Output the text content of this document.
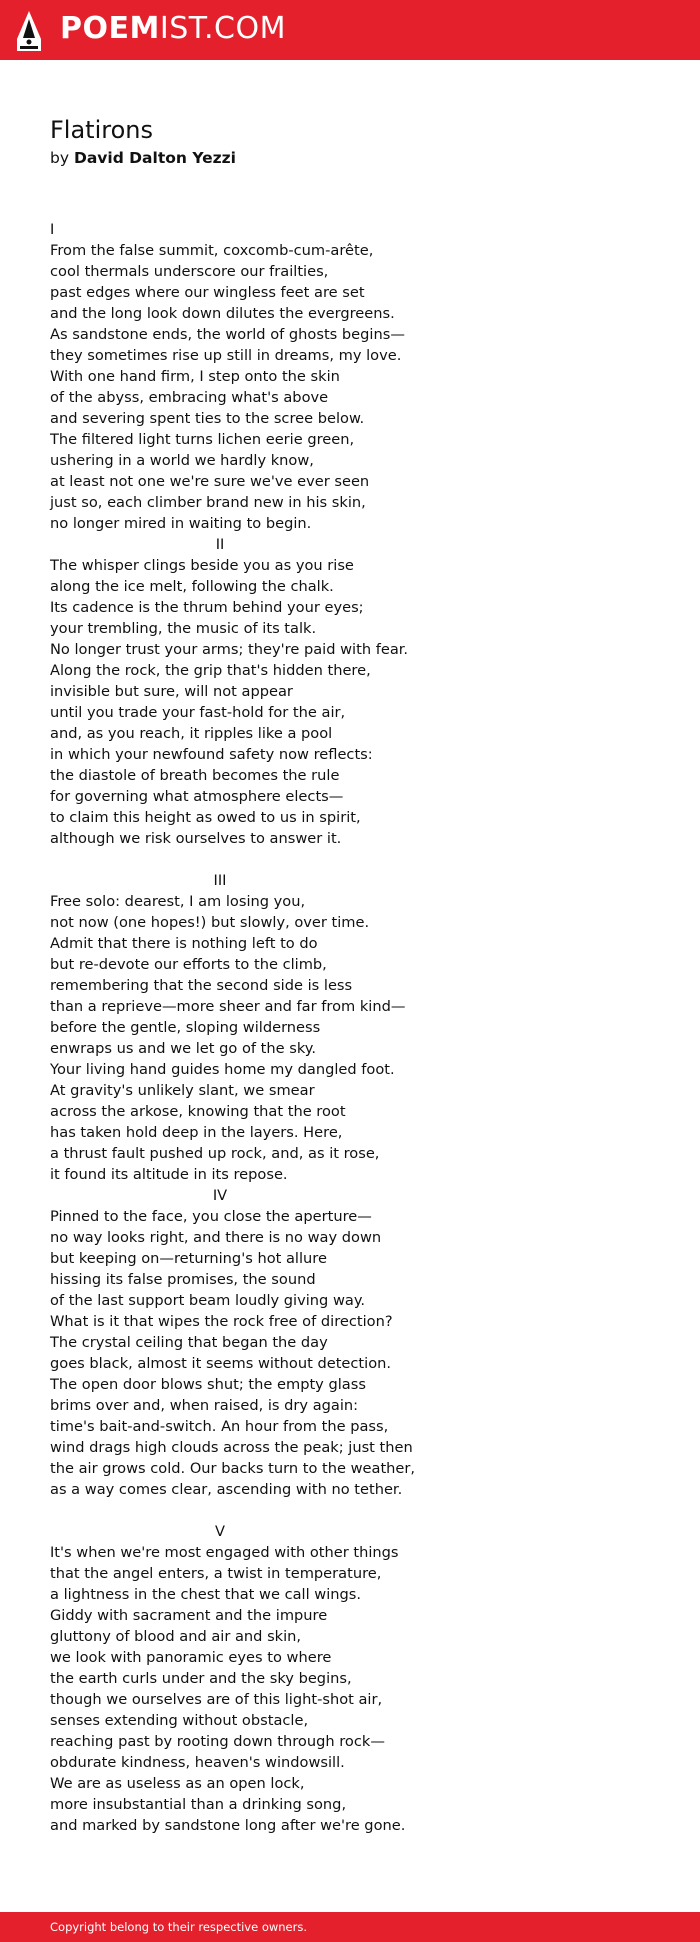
POEMIST.COM
Flatirons
by David Dalton Yezzi
I
From the false summit, coxcomb-cum-arête,
cool thermals underscore our frailties,
past edges where our wingless feet are set
and the long look down dilutes the evergreens.
As sandstone ends, the world of ghosts begins—
they sometimes rise up still in dreams, my love.
With one hand firm, I step onto the skin
of the abyss, embracing what's above
and severing spent ties to the scree below.
The filtered light turns lichen eerie green,
ushering in a world we hardly know,
at least not one we're sure we've ever seen
just so, each climber brand new in his skin,
no longer mired in waiting to begin.
II
The whisper clings beside you as you rise
along the ice melt, following the chalk.
Its cadence is the thrum behind your eyes;
your trembling, the music of its talk.
No longer trust your arms; they're paid with fear.
Along the rock, the grip that's hidden there,
invisible but sure, will not appear
until you trade your fast-hold for the air,
and, as you reach, it ripples like a pool
in which your newfound safety now reflects:
the diastole of breath becomes the rule
for governing what atmosphere elects—
to claim this height as owed to us in spirit,
although we risk ourselves to answer it.
III
Free solo: dearest, I am losing you,
not now (one hopes!) but slowly, over time.
Admit that there is nothing left to do
but re-devote our efforts to the climb,
remembering that the second side is less
than a reprieve—more sheer and far from kind—
before the gentle, sloping wilderness
enwraps us and we let go of the sky.
Your living hand guides home my dangled foot.
At gravity's unlikely slant, we smear
across the arkose, knowing that the root
has taken hold deep in the layers. Here,
a thrust fault pushed up rock, and, as it rose,
it found its altitude in its repose.
IV
Pinned to the face, you close the aperture—
no way looks right, and there is no way down
but keeping on—returning's hot allure
hissing its false promises, the sound
of the last support beam loudly giving way.
What is it that wipes the rock free of direction?
The crystal ceiling that began the day
goes black, almost it seems without detection.
The open door blows shut; the empty glass
brims over and, when raised, is dry again:
time's bait-and-switch. An hour from the pass,
wind drags high clouds across the peak; just then
the air grows cold. Our backs turn to the weather,
as a way comes clear, ascending with no tether.
V
It's when we're most engaged with other things
that the angel enters, a twist in temperature,
a lightness in the chest that we call wings.
Giddy with sacrament and the impure
gluttony of blood and air and skin,
we look with panoramic eyes to where
the earth curls under and the sky begins,
though we ourselves are of this light-shot air,
senses extending without obstacle,
reaching past by rooting down through rock—
obdurate kindness, heaven's windowsill.
We are as useless as an open lock,
more insubstantial than a drinking song,
and marked by sandstone long after we're gone.
Copyright belong to their respective owners.
